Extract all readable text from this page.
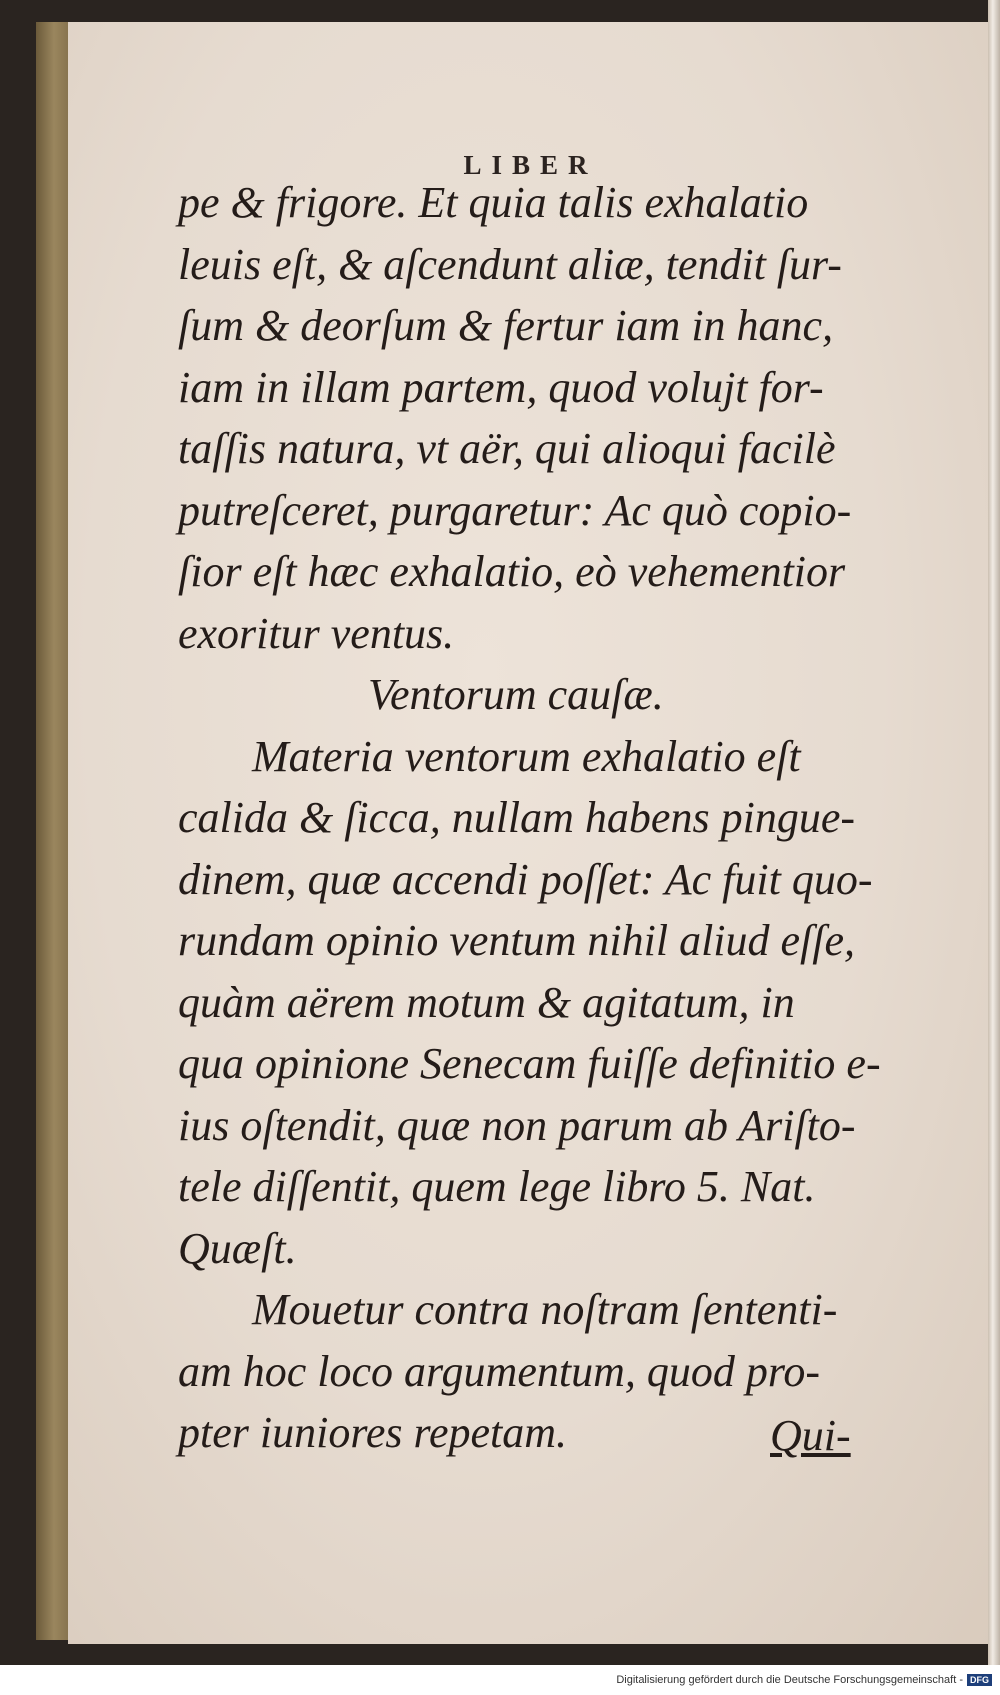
LIBER
pe & frigore. Et quia talis exhalatio
leuis eſt, & aſcendunt aliæ, tendit ſur-
ſum & deorſum & fertur iam in hanc,
iam in illam partem, quod volujt for-
taſſis natura, vt aër, qui alioqui facilè
putreſceret, purgaretur: Ac quò copio-
ſior eſt hæc exhalatio, eò vehementior
exoritur ventus.
Ventorum cauſæ.
Materia ventorum exhalatio eſt
calida & ſicca, nullam habens pingue-
dinem, quæ accendi poſſet: Ac fuit quo-
rundam opinio ventum nihil aliud eſſe,
quàm aërem motum & agitatum, in
qua opinione Senecam fuiſſe definitio e-
ius oſtendit, quæ non parum ab Ariſto-
tele diſſentit, quem lege libro 5. Nat.
Quæſt.
Mouetur contra noſtram ſententi-
am hoc loco argumentum, quod pro-
pter iuniores repetam.	Qui-
Digitalisierung gefördert durch die Deutsche Forschungsgemeinschaft - DFG
